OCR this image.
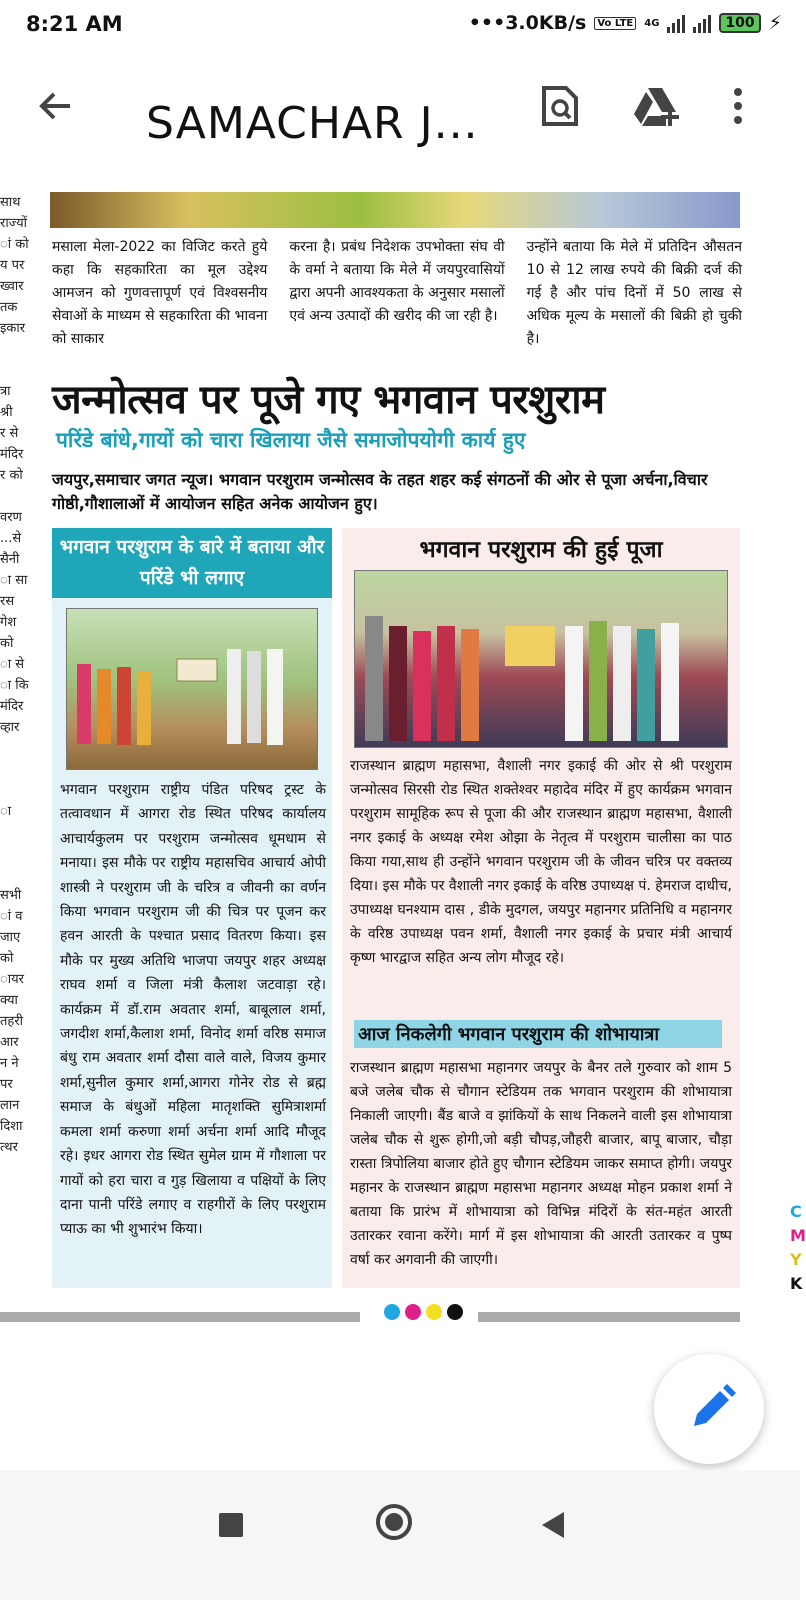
8:21 AM	•••3.0KB/s	Vo LTE	4G	100 ⚡
SAMACHAR J...
साथ
राज्यों
ां को
य पर
ख्वार
तक
इकार

त्रा
श्री
र से
मंदिर
र को

वरण
...से
सैनी
ा सा
रस
गेश
को
ा से
ा कि
मंदिर
व्हार

ा

सभी
ां व
जाए
को
ायर
क्या
तहरी
आर
न ने
पर
लान
दिशा
त्थर
मसाला मेला-2022 का विजिट करते हुये कहा कि सहकारिता का मूल उद्देश्य आमजन को गुणवत्तापूर्ण एवं विश्वसनीय सेवाओं के माध्यम से सहकारिता की भावना को साकार
करना है। प्रबंध निदेशक उपभोक्ता संघ वी के वर्मा ने बताया कि मेले में जयपुरवासियों द्वारा अपनी आवश्यकता के अनुसार मसालों एवं अन्य उत्पादों की खरीद की जा रही है।
उन्होंने बताया कि मेले में प्रतिदिन औसतन 10 से 12 लाख रुपये की बिक्री दर्ज की गई है और पांच दिनों में 50 लाख से अधिक मूल्य के मसालों की बिक्री हो चुकी है।
जन्मोत्सव पर पूजे गए भगवान परशुराम
परिंडे बांधे,गायों को चारा खिलाया जैसे समाजोपयोगी कार्य हुए
जयपुर,समाचार जगत न्यूज। भगवान परशुराम जन्मोत्सव के तहत शहर कई संगठनों की ओर से पूजा अर्चना,विचार गोष्ठी,गौशालाओं में आयोजन सहित अनेक आयोजन हुए।
भगवान परशुराम के बारे में बताया और परिंडे भी लगाए
भगवान परशुराम राष्ट्रीय पंडित परिषद ट्रस्ट के तत्वावधान में आगरा रोड स्थित परिषद कार्यालय आचार्यकुलम पर परशुराम जन्मोत्सव धूमधाम से मनाया। इस मौके पर राष्ट्रीय महासचिव आचार्य ओपी शास्त्री ने परशुराम जी के चरित्र व जीवनी का वर्णन किया भगवान परशुराम जी की चित्र पर पूजन कर हवन आरती के पश्चात प्रसाद वितरण किया। इस मौके पर मुख्य अतिथि भाजपा जयपुर शहर अध्यक्ष राघव शर्मा व जिला मंत्री कैलाश जटवाड़ा रहे। कार्यक्रम में डॉ.राम अवतार शर्मा, बाबूलाल शर्मा, जगदीश शर्मा,कैलाश शर्मा, विनोद शर्मा वरिष्ठ समाज बंधु राम अवतार शर्मा दौसा वाले वाले, विजय कुमार शर्मा,सुनील कुमार शर्मा,आगरा गोनेर रोड से ब्रह्म समाज के बंधुओं महिला मातृशक्ति सुमित्राशर्मा कमला शर्मा करुणा शर्मा अर्चना शर्मा आदि मौजूद रहे। इधर आगरा रोड स्थित सुमेल ग्राम में गौशाला पर गायों को हरा चारा व गुड़ खिलाया व पक्षियों के लिए दाना पानी परिंडे लगाए व राहगीरों के लिए परशुराम प्याऊ का भी शुभारंभ किया।
भगवान परशुराम की हुई पूजा
राजस्थान ब्राह्मण महासभा, वैशाली नगर इकाई की ओर से श्री परशुराम जन्मोत्सव सिरसी रोड स्थित शक्तेश्वर महादेव मंदिर में हुए कार्यक्रम भगवान परशुराम सामूहिक रूप से पूजा की और राजस्थान ब्राह्मण महासभा, वैशाली नगर इकाई के अध्यक्ष रमेश ओझा के नेतृत्व में परशुराम चालीसा का पाठ किया गया,साथ ही उन्होंने भगवान परशुराम जी के जीवन चरित्र पर वक्तव्य दिया। इस मौके पर वैशाली नगर इकाई के वरिष्ठ उपाध्यक्ष पं. हेमराज दाधीच, उपाध्यक्ष घनश्याम दास , डीके मुदगल, जयपुर महानगर प्रतिनिधि व महानगर के वरिष्ठ उपाध्यक्ष पवन शर्मा, वैशाली नगर इकाई के प्रचार मंत्री आचार्य कृष्ण भारद्वाज सहित अन्य लोग मौजूद रहे।
आज निकलेगी भगवान परशुराम की शोभायात्रा
राजस्थान ब्राह्मण महासभा महानगर जयपुर के बैनर तले गुरुवार को शाम 5 बजे जलेब चौक से चौगान स्टेडियम तक भगवान परशुराम की शोभायात्रा निकाली जाएगी। बैंड बाजे व झांकियों के साथ निकलने वाली इस शोभायात्रा जलेब चौक से शुरू होगी,जो बड़ी चौपड़,जौहरी बाजार, बापू बाजार, चौड़ा रास्ता त्रिपोलिया बाजार होते हुए चौगान स्टेडियम जाकर समाप्त होगी। जयपुर महानर के राजस्थान ब्राह्मण महासभा महानगर अध्यक्ष मोहन प्रकाश शर्मा ने बताया कि प्रारंभ में शोभायात्रा को विभिन्न मंदिरों के संत-महंत आरती उतारकर रवाना करेंगे। मार्ग में इस शोभायात्रा की आरती उतारकर व पुष्प वर्षा कर अगवानी की जाएगी।
C
M
Y
K
